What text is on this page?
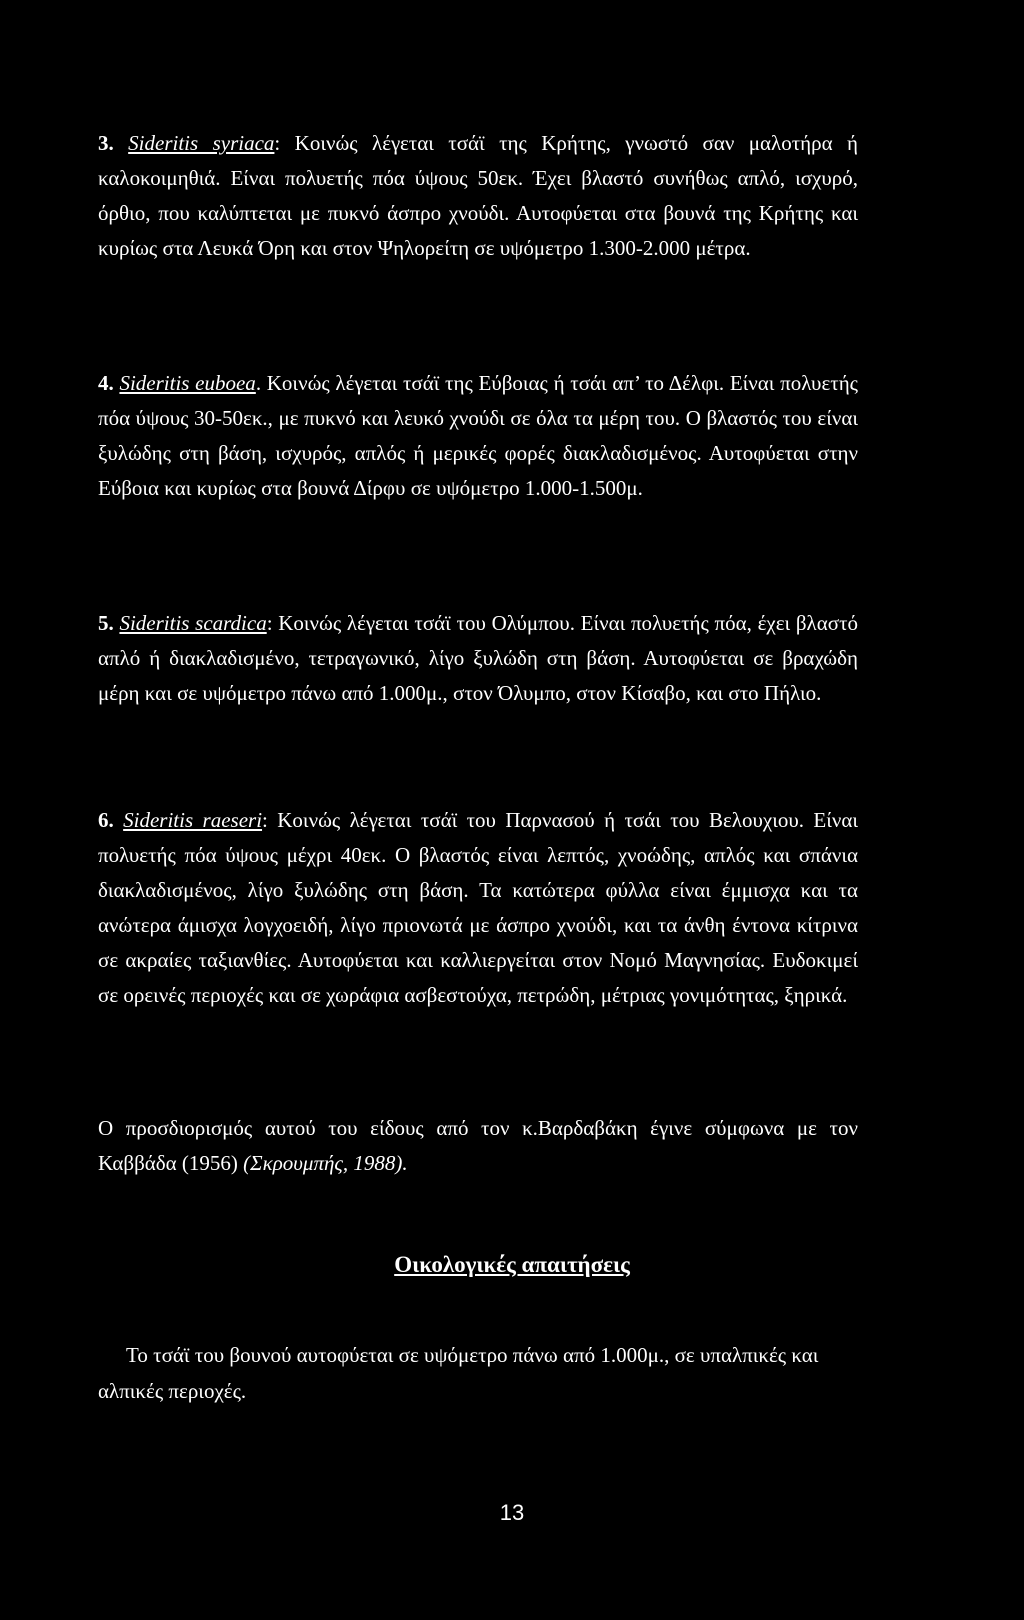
3. Sideritis syriaca: Κοινώς λέγεται τσάϊ της Κρήτης, γνωστό σαν μαλοτήρα ή καλοκοιμηθιά. Είναι πολυετής πόα ύψους 50εκ. Έχει βλαστό συνήθως απλό, ισχυρό, όρθιο, που καλύπτεται με πυκνό άσπρο χνούδι. Αυτοφύεται στα βουνά της Κρήτης και κυρίως στα Λευκά Όρη και στον Ψηλορείτη σε υψόμετρο 1.300-2.000 μέτρα.
4. Sideritis euboea. Κοινώς λέγεται τσάϊ της Εύβοιας ή τσάι απ’ το Δέλφι. Είναι πολυετής πόα ύψους 30-50εκ., με πυκνό και λευκό χνούδι σε όλα τα μέρη του. Ο βλαστός του είναι ξυλώδης στη βάση, ισχυρός, απλός ή μερικές φορές διακλαδισμένος. Αυτοφύεται στην Εύβοια και κυρίως στα βουνά Δίρφυ σε υψόμετρο 1.000-1.500μ.
5. Sideritis scardica: Κοινώς λέγεται τσάϊ του Ολύμπου. Είναι πολυετής πόα, έχει βλαστό απλό ή διακλαδισμένο, τετραγωνικό, λίγο ξυλώδη στη βάση. Αυτοφύεται σε βραχώδη μέρη και σε υψόμετρο πάνω από 1.000μ., στον Όλυμπο, στον Κίσαβο, και στο Πήλιο.
6. Sideritis raeseri: Κοινώς λέγεται τσάϊ του Παρνασού ή τσάι του Βελουχιου. Είναι πολυετής πόα ύψους μέχρι 40εκ. Ο βλαστός είναι λεπτός, χνοώδης, απλός και σπάνια διακλαδισμένος, λίγο ξυλώδης στη βάση. Τα κατώτερα φύλλα είναι έμμισχα και τα ανώτερα άμισχα λογχοειδή, λίγο πριονωτά με άσπρο χνούδι, και τα άνθη έντονα κίτρινα σε ακραίες ταξιανθίες. Αυτοφύεται και καλλιεργείται στον Νομό Μαγνησίας. Ευδοκιμεί σε ορεινές περιοχές και σε χωράφια ασβεστούχα, πετρώδη, μέτριας γονιμότητας, ξηρικά.
Ο προσδιορισμός αυτού του είδους από τον κ.Βαρδαβάκη έγινε σύμφωνα με τον Καββάδα (1956) (Σκρουμπής, 1988).
Οικολογικές απαιτήσεις
Το τσάϊ του βουνού αυτοφύεται σε υψόμετρο πάνω από 1.000μ., σε υπαλπικές και αλπικές περιοχές.
13
